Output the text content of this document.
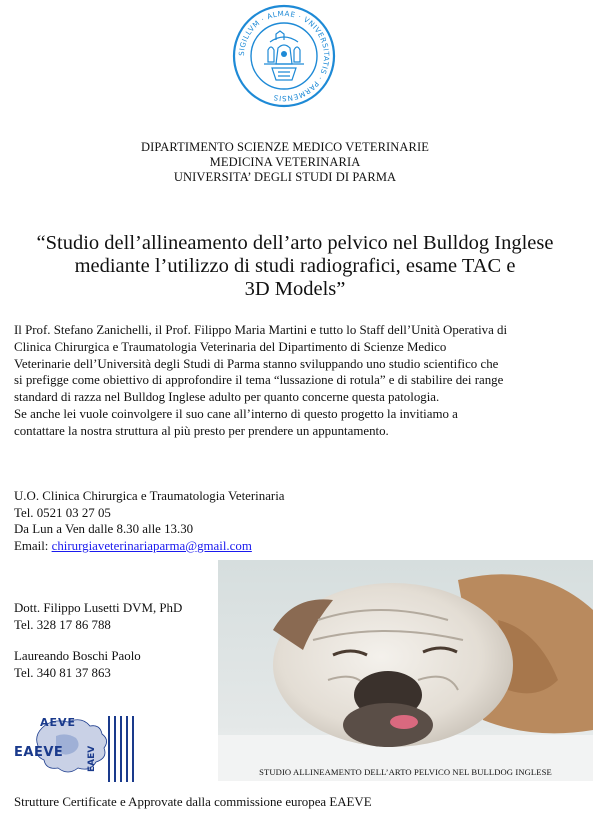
SIGILLVM · ALMAE · VNIVERSITATIS · PARMENSIS
DIPARTIMENTO SCIENZE MEDICO VETERINARIE
MEDICINA VETERINARIA
UNIVERSITA’ DEGLI STUDI DI PARMA
“Studio dell’allineamento dell’arto pelvico nel Bulldog Inglese
mediante l’utilizzo di studi radiografici, esame TAC e
3D Models”
Il Prof. Stefano Zanichelli, il Prof. Filippo Maria Martini e tutto lo Staff dell’Unità Operativa di
Clinica Chirurgica e Traumatologia Veterinaria del Dipartimento di Scienze Medico
Veterinarie dell’Università degli Studi di Parma stanno sviluppando uno studio scientifico che
si prefigge come obiettivo di approfondire il tema “lussazione di rotula” e di stabilire dei range
standard di razza nel Bulldog Inglese adulto per quanto concerne questa patologia.
Se anche lei vuole coinvolgere il suo cane all’interno di questo progetto la invitiamo a
contattare la nostra struttura al più presto per prendere un appuntamento.
U.O. Clinica Chirurgica e Traumatologia Veterinaria
Tel. 0521 03 27 05
Da Lun a Ven dalle 8.30 alle 13.30
Email: chirurgiaveterinariaparma@gmail.com
Dott. Filippo Lusetti DVM, PhD
Tel. 328 17 86 788
Laureando Boschi Paolo
Tel. 340 81 37 863
STUDIO ALLINEAMENTO DELL’ARTO PELVICO NEL BULLDOG INGLESE
AEVE
EAEVE	EAEV
Strutture Certificate e Approvate dalla commissione europea EAEVE
